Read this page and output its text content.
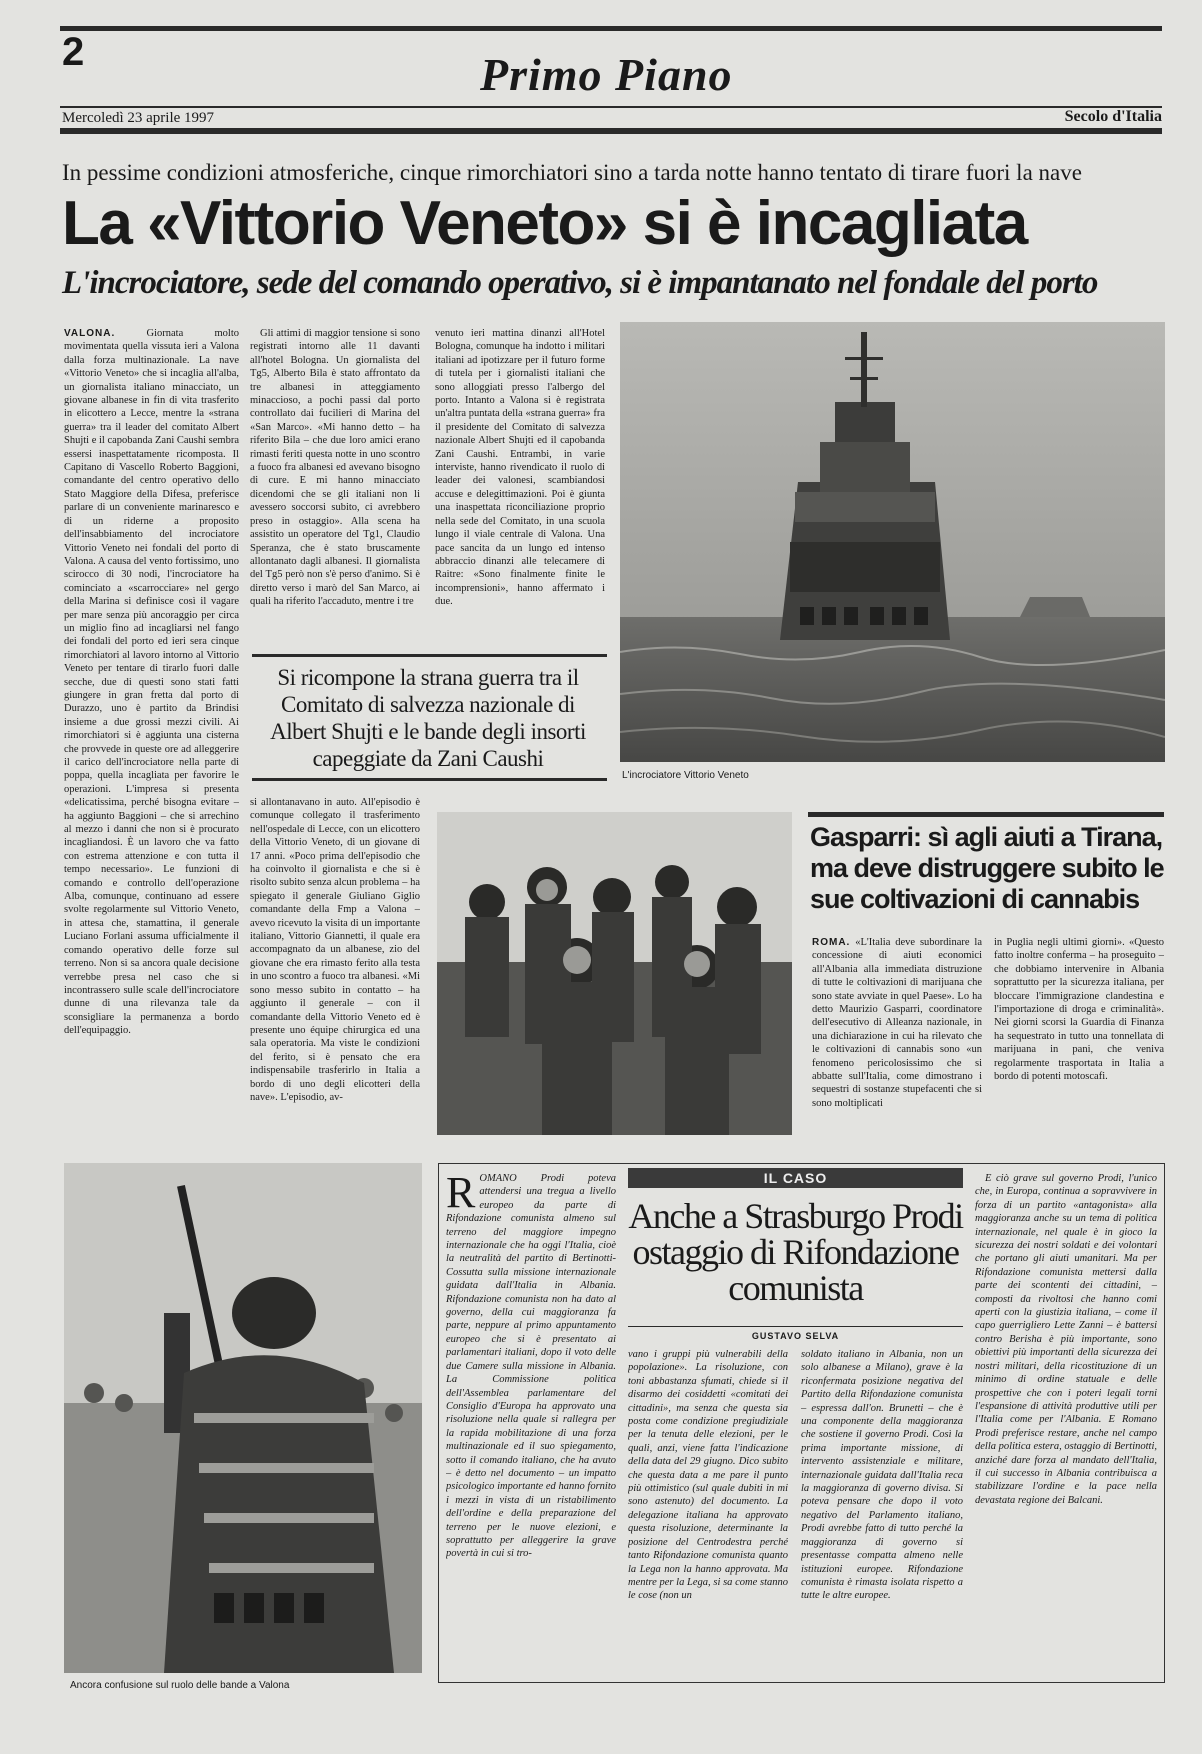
2	Primo Piano
Mercoledì 23 aprile 1997	Secolo d'Italia
In pessime condizioni atmosferiche, cinque rimorchiatori sino a tarda notte hanno tentato di tirare fuori la nave
La «Vittorio Veneto» si è incagliata
L'incrociatore, sede del comando operativo, si è impantanato nel fondale del porto

VALONA.	Giornata molto movimentata quella vissuta ieri a Valona dalla forza multinazionale. La nave «Vittorio Veneto» che si incaglia all'alba, un giornalista italiano minacciato, un giovane albanese in fin di vita trasferito in elicottero a Lecce, mentre la «strana guerra» tra il leader del comitato Albert Shujti e il capobanda Zani Caushi sembra essersi inaspettatamente ricomposta. Il Capitano di Vascello Roberto Baggioni, comandante del centro operativo dello Stato Maggiore della Difesa, preferisce parlare di un conveniente marinaresco e di un riderne a proposito dell'insabbiamento del incrociatore Vittorio Veneto nei fondali del porto di Valona. A causa del vento fortissimo, uno scirocco di 30 nodi, l'incrociatore ha cominciato a «scarrocciare» nel gergo della Marina si definisce così il vagare per mare senza più ancoraggio per circa un miglio fino ad incagliarsi nel fango dei fondali del porto ed ieri sera cinque rimorchiatori al lavoro intorno al Vittorio Veneto per tentare di tirarlo fuori dalle secche, due di questi sono stati fatti giungere in gran fretta dal porto di Durazzo, uno è partito da Brindisi insieme a due grossi mezzi civili. Ai rimorchiatori si è aggiunta una cisterna che provvede in queste ore ad alleggerire il carico dell'incrociatore nella parte di poppa, quella incagliata per favorire le operazioni. L'impresa si presenta «delicatissima, perché bisogna evitare – ha aggiunto Baggioni – che si arrechino al mezzo i danni che non si è procurato incagliandosi. È un lavoro che va fatto con estrema attenzione e con tutta il tempo necessario». Le funzioni di comando e controllo dell'operazione Alba, comunque, continuano ad essere svolte regolarmente sul Vittorio Veneto, in attesa che, stamattina, il generale Luciano Forlani assuma ufficialmente il comando operativo delle forze sul terreno. Non si sa ancora quale decisione verrebbe presa nel caso che si incontrassero sulle scale dell'incrociatore dunne di una rilevanza tale da sconsigliare la permanenza a bordo dell'equipaggio.

Gli attimi di maggior tensione si sono registrati intorno alle 11 davanti all'hotel Bologna. Un giornalista del Tg5, Alberto Bila è stato affrontato da tre albanesi in atteggiamento minaccioso, a pochi passi dal porto controllato dai fucilieri di Marina del «San Marco». «Mi hanno detto – ha riferito Bila – che due loro amici erano rimasti feriti questa notte in uno scontro a fuoco fra albanesi ed avevano bisogno di cure. E mi hanno minacciato dicendomi che se gli italiani non li avessero soccorsi subito, ci avrebbero preso in ostaggio». Alla scena ha assistito un operatore del Tg1, Claudio Speranza, che è stato bruscamente allontanato dagli albanesi. Il giornalista del Tg5 però non s'è perso d'animo. Si è diretto verso i marò del San Marco, ai quali ha riferito l'accaduto, mentre i tre

venuto ieri mattina dinanzi all'Hotel Bologna, comunque ha indotto i militari italiani ad ipotizzare per il futuro forme di tutela per i giornalisti italiani che sono alloggiati presso l'albergo del porto. Intanto a Valona si è registrata un'altra puntata della «strana guerra» fra il presidente del Comitato di salvezza nazionale Albert Shujti ed il capobanda Zani Caushi. Entrambi, in varie interviste, hanno rivendicato il ruolo di leader dei valonesi, scambiandosi accuse e delegittimazioni. Poi è giunta una inaspettata riconciliazione proprio nella sede del Comitato, in una scuola lungo il viale centrale di Valona. Una pace sancita da un lungo ed intenso abbraccio dinanzi alle telecamere di Raitre: «Sono finalmente finite le incomprensioni», hanno affermato i due.

Si ricompone la strana guerra tra il Comitato di salvezza nazionale di Albert Shujti e le bande degli insorti capeggiate da Zani Caushi
L'incrociatore Vittorio Veneto

si allontanavano in auto. All'episodio è comunque collegato il trasferimento nell'ospedale di Lecce, con un elicottero della Vittorio Veneto, di un giovane di 17 anni. «Poco prima dell'episodio che ha coinvolto il giornalista e che si è risolto subito senza alcun problema – ha spiegato il generale Giuliano Giglio comandante della Fmp a Valona – avevo ricevuto la visita di un importante italiano, Vittorio Giannetti, il quale era accompagnato da un albanese, zio del giovane che era rimasto ferito alla testa in uno scontro a fuoco tra albanesi. «Mi sono messo subito in contatto – ha aggiunto il generale – con il comandante della Vittorio Veneto ed è presente uno équipe chirurgica ed una sala operatoria. Ma viste le condizioni del ferito, si è pensato che era indispensabile trasferirlo in Italia a bordo di uno degli elicotteri della nave». L'episodio, av-

Gasparri: sì agli aiuti a Tirana, ma deve distruggere subito le sue coltivazioni di cannabis

ROMA. «L'Italia deve subordinare la concessione di aiuti economici all'Albania alla immediata distruzione di tutte le coltivazioni di marijuana che sono state avviate in quel Paese». Lo ha detto Maurizio Gasparri, coordinatore dell'esecutivo di Alleanza nazionale, in una dichiarazione in cui ha rilevato che le coltivazioni di cannabis sono «un fenomeno pericolosissimo che si abbatte sull'Italia, come dimostrano i sequestri di sostanze stupefacenti che si sono moltiplicati

in Puglia negli ultimi giorni». «Questo fatto inoltre conferma – ha proseguito – che dobbiamo intervenire in Albania soprattutto per la sicurezza italiana, per bloccare l'immigrazione clandestina e l'importazione di droga e criminalità». Nei giorni scorsi la Guardia di Finanza ha sequestrato in tutto una tonnellata di marijuana in pani, che veniva regolarmente trasportata in Italia a bordo di potenti motoscafi.

Ancora confusione sul ruolo delle bande a Valona

ROMANO Prodi poteva attendersi una tregua a livello europeo da parte di Rifondazione comunista almeno sul terreno del maggiore impegno internazionale che ha oggi l'Italia, cioè la neutralità del partito di Bertinotti-Cossutta sulla missione internazionale guidata dall'Italia in Albania. Rifondazione comunista non ha dato al governo, della cui maggioranza fa parte, neppure al primo appuntamento europeo che si è presentato ai parlamentari italiani, dopo il voto delle due Camere sulla missione in Albania. La Commissione politica dell'Assemblea parlamentare del Consiglio d'Europa ha approvato una risoluzione nella quale si rallegra per la rapida mobilitazione di una forza multinazionale ed il suo spiegamento, sotto il comando italiano, che ha avuto – è detto nel documento – un impatto psicologico importante ed hanno fornito i mezzi in vista di un ristabilimento dell'ordine e della preparazione del terreno per le nuove elezioni, e soprattutto per alleggerire la grave povertà in cui si tro-

IL CASO
Anche a Strasburgo Prodi ostaggio di Rifondazione comunista
GUSTAVO SELVA

vano i gruppi più vulnerabili della popolazione». La risoluzione, con toni abbastanza sfumati, chiede si il disarmo dei cosiddetti «comitati dei cittadini», ma senza che questa sia posta come condizione pregiudiziale per la tenuta delle elezioni, per le quali, anzi, viene fatta l'indicazione della data del 29 giugno. Dico subito che questa data a me pare il punto più ottimistico (sul quale dubiti in mi sono astenuto) del documento. La delegazione italiana ha approvato questa risoluzione, determinante la posizione del Centrodestra perché tanto Rifondazione comunista quanto la Lega non la hanno approvata. Ma mentre per la Lega, si sa come stanno le cose (non un

soldato italiano in Albania, non un solo albanese a Milano), grave è la riconfermata posizione negativa del Partito della Rifondazione comunista – espressa dall'on. Brunetti – che è una componente della maggioranza che sostiene il governo Prodi. Così la prima importante missione, di intervento assistenziale e militare, internazionale guidata dall'Italia reca la maggioranza di governo divisa. Si poteva pensare che dopo il voto negativo del Parlamento italiano, Prodi avrebbe fatto di tutto perché la maggioranza di governo si presentasse compatta almeno nelle istituzioni europee. Rifondazione comunista è rimasta isolata rispetto a tutte le altre europee.

E ciò grave sul governo Prodi, l'unico che, in Europa, continua a sopravvivere in forza di un partito «antagonista» alla maggioranza anche su un tema di politica internazionale, nel quale è in gioco la sicurezza dei nostri soldati e dei volontari che portano gli aiuti umanitari. Ma per Rifondazione comunista mettersi dalla parte dei scontenti dei cittadini, – composti da rivoltosi che hanno comi aperti con la giustizia italiana, – come il capo guerrigliero Lette Zanni – è battersi contro Berisha è più importante, sono obiettivi più importanti della sicurezza dei nostri militari, della ricostituzione di un minimo di ordine statuale e delle prospettive che con i poteri legali torni l'espansione di attività produttive utili per l'Italia come per l'Albania. E Romano Prodi preferisce restare, anche nel campo della politica estera, ostaggio di Bertinotti, anziché dare forza al mandato dell'Italia, il cui successo in Albania contribuisca a stabilizzare l'ordine e la pace nella devastata regione dei Balcani.
